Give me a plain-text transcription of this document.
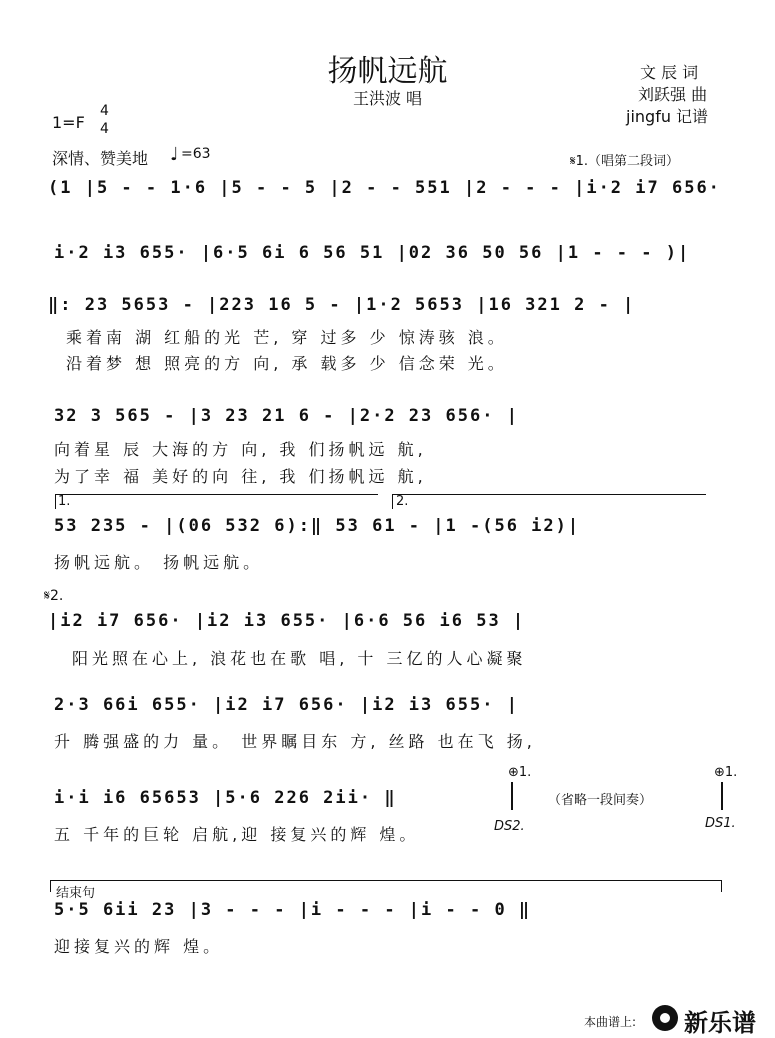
扬帆远航
王洪波 唱
文 辰 词
刘跃强 曲
jingfu 记谱
1=F
4
4
深情、赞美地 ♩ =63	𝄋1.（唱第二段词）
(1 |5 - - 1·6 |5 - - 5 |2 - - 551 |2 - - - |i·2 i7 656·
i·2 i3 655· |6·5 6i 6 56 51 |02 36 50 56 |1 - - - )|
‖: 23 5653 - |223 16 5 - |1·2 5653 |16 321 2 - |
乘着南 湖 红船的光 芒, 穿 过多 少 惊涛骇 浪。
沿着梦 想 照亮的方 向, 承 载多 少 信念荣 光。
32 3 565 - |3 23 21 6 - |2·2 23 656· |
向着星 辰 大海的方 向, 我 们扬帆远 航,
为了幸 福 美好的向 往, 我 们扬帆远 航,
1.	2.
53 235 - |(06 532 6):‖ 53 61 - |1 -(56 i2)|
扬帆远航。 扬帆远航。
𝄋2.
|i2 i7 656· |i2 i3 655· |6·6 56 i6 53 |
阳光照在心上, 浪花也在歌 唱, 十 三亿的人心凝聚
2·3 66i 655· |i2 i7 656· |i2 i3 655· |
升 腾强盛的力 量。 世界瞩目东 方, 丝路 也在飞 扬,
i·i i6 65653 |5·6 226 2ii· ‖
五 千年的巨轮 启航,迎 接复兴的辉 煌。
⊕1.	⊕1.
（省略一段间奏）
DS2.	DS1.
结束句
5·5 6ii 23 |3 - - - |i - - - |i - - 0 ‖
迎接复兴的辉 煌。
本曲谱上: 新乐谱
